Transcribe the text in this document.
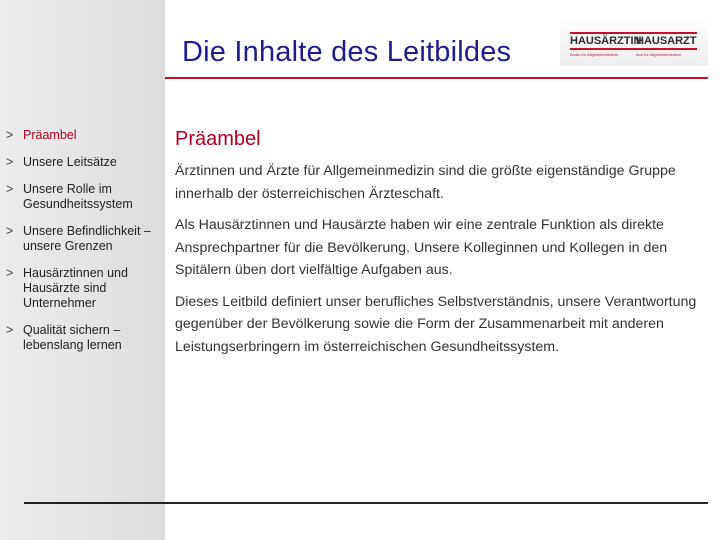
Die Inhalte des Leitbildes	HAUSÄRZTIN
Ärztin für Allgemeinmedizin
HAUSARZT
Arzt für Allgemeinmedizin
> Präambel
> Unsere Leitsätze
> Unsere Rolle im Gesundheitssystem
> Unsere Befindlichkeit – unsere Grenzen
> Hausärztinnen und Hausärzte sind Unternehmer
> Qualität sichern – lebenslang lernen
Präambel

Ärztinnen und Ärzte für Allgemeinmedizin sind die größte eigenständige Gruppe innerhalb der österreichischen Ärzteschaft.

Als Hausärztinnen und Hausärzte haben wir eine zentrale Funktion als direkte Ansprechpartner für die Bevölkerung. Unsere Kolleginnen und Kollegen in den Spitälern üben dort vielfältige Aufgaben aus.

Dieses Leitbild definiert unser berufliches Selbstverständnis, unsere Verantwortung gegenüber der Bevölkerung sowie die Form der Zusammenarbeit mit anderen Leistungserbringern im österreichischen Gesundheitssystem.
